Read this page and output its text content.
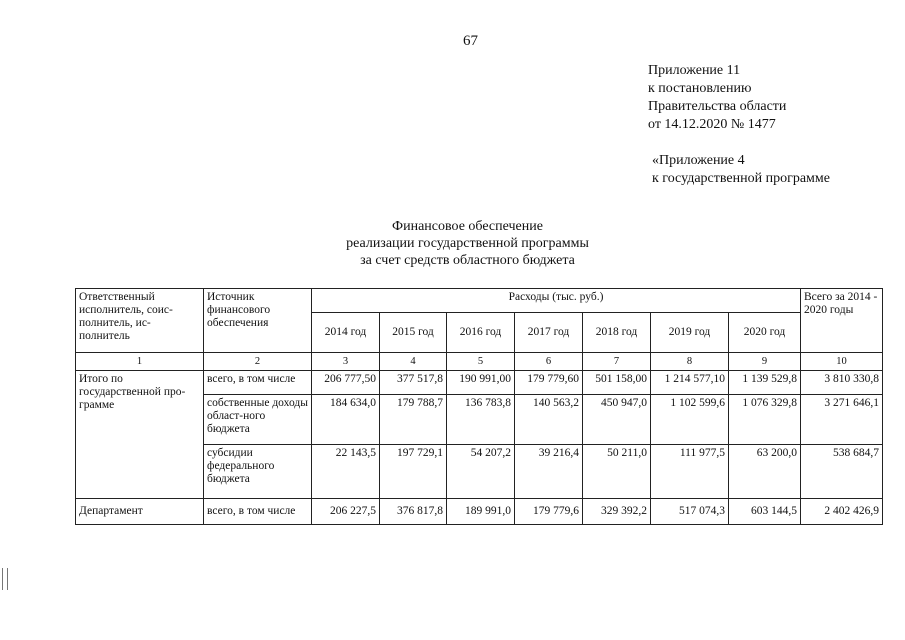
67
Приложение 11
к постановлению
Правительства области
от 14.12.2020 № 1477
«Приложение 4
к государственной программе
Финансовое обеспечение
реализации государственной программы
за счет средств областного бюджета
Ответственный исполнитель, соис-полнитель, ис-полнитель	Источник финансового обеспечения	Расходы (тыс. руб.)							Всего за 2014 - 2020 годы
		2014 год	2015 год	2016 год	2017 год	2018 год	2019 год	2020 год	
1	2	3	4	5	6	7	8	9	10
Итого по государственной про-грамме	всего, в том числе	206 777,50	377 517,8	190 991,00	179 779,60	501 158,00	1 214 577,10	1 139 529,8	3 810 330,8
	собственные доходы област-ного бюджета	184 634,0	179 788,7	136 783,8	140 563,2	450 947,0	1 102 599,6	1 076 329,8	3 271 646,1
	субсидии федерального бюджета	22 143,5	197 729,1	54 207,2	39 216,4	50 211,0	111 977,5	63 200,0	538 684,7
Департамент	всего, в том числе	206 227,5	376 817,8	189 991,0	179 779,6	329 392,2	517 074,3	603 144,5	2 402 426,9
